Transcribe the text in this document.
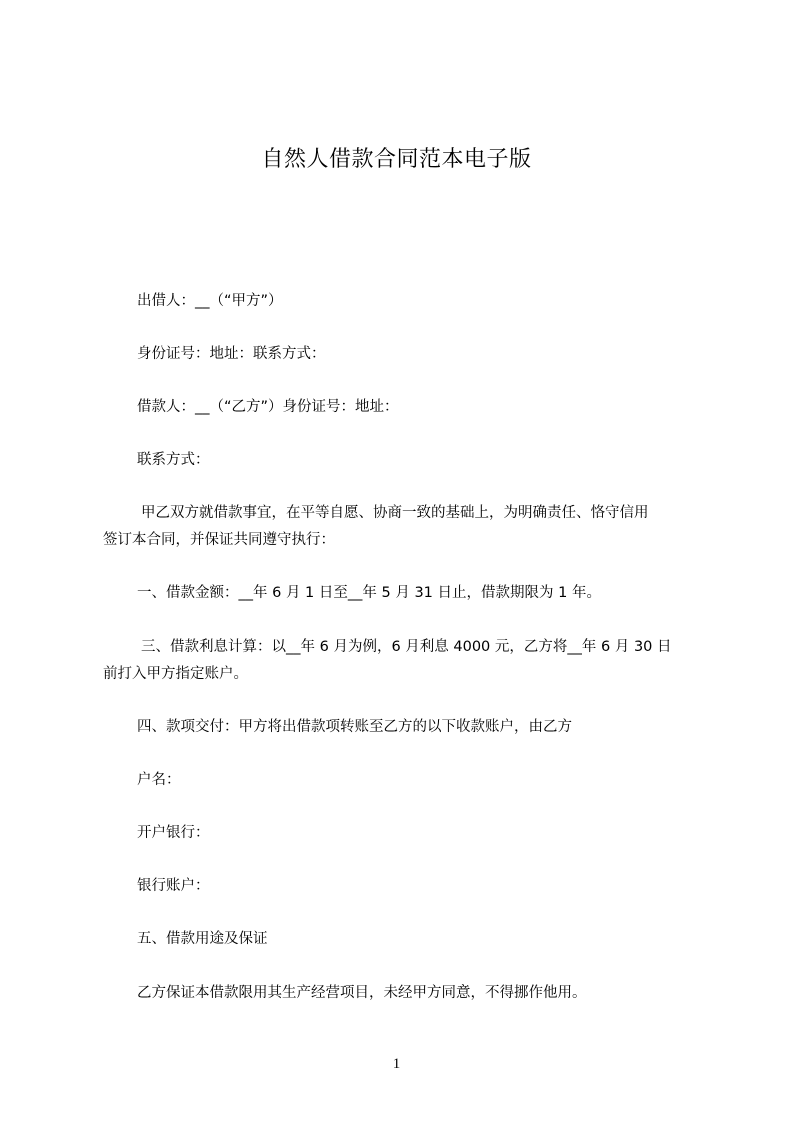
自然人借款合同范本电子版
出借人：__（“甲方”）
身份证号：地址：联系方式：
借款人：__（“乙方”）身份证号：地址：
联系方式：
甲乙双方就借款事宜，在平等自愿、协商一致的基础上，为明确责任、恪守信用
签订本合同，并保证共同遵守执行：
一、借款金额：__年 6 月 1 日至__年 5 月 31 日止，借款期限为 1 年。
三、借款利息计算：以__年 6 月为例，6 月利息 4000 元，乙方将__年 6 月 30 日
前打入甲方指定账户。
四、款项交付：甲方将出借款项转账至乙方的以下收款账户，由乙方
户名：
开户银行：
银行账户：
五、借款用途及保证
乙方保证本借款限用其生产经营项目，未经甲方同意，不得挪作他用。
1
